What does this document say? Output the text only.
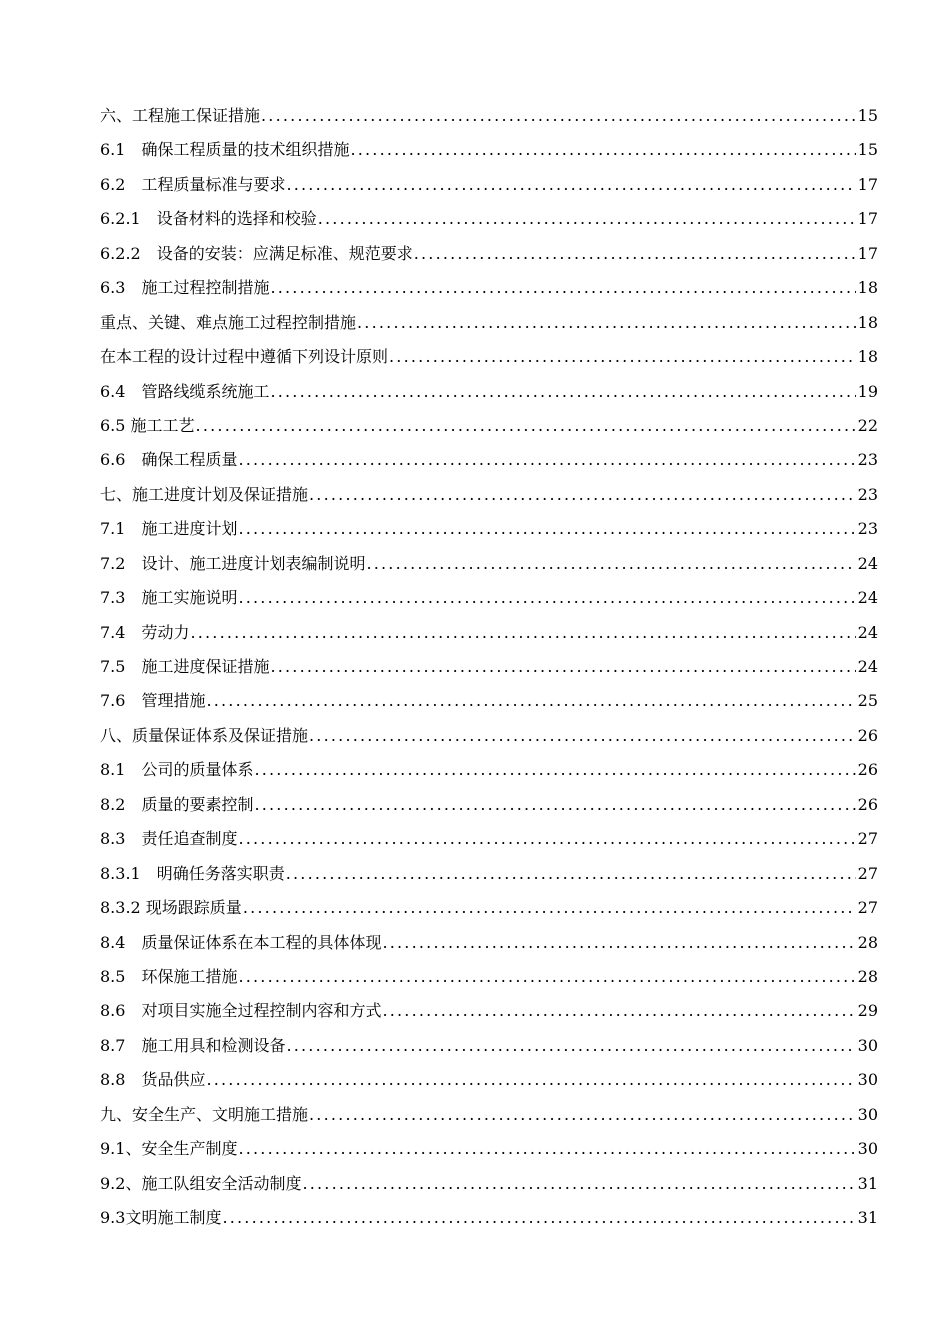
六、工程施工保证措施 .....	15
6.1　确保工程质量的技术组织措施 .....	15
6.2　工程质量标准与要求 .....	17
6.2.1　设备材料的选择和校验 .....	17
6.2.2　设备的安装：应满足标准、规范要求 .....	17
6.3　施工过程控制措施 .....	18
重点、关键、难点施工过程控制措施 .....	18
在本工程的设计过程中遵循下列设计原则 .....	18
6.4　管路线缆系统施工 .....	19
6.5 施工工艺 .....	22
6.6　确保工程质量 .....	23
七、施工进度计划及保证措施 .....	23
7.1　施工进度计划 .....	23
7.2　设计、施工进度计划表编制说明 .....	24
7.3　施工实施说明 .....	24
7.4　劳动力 .....	24
7.5　施工进度保证措施 .....	24
7.6　管理措施 .....	25
八、质量保证体系及保证措施 .....	26
8.1　公司的质量体系 .....	26
8.2　质量的要素控制 .....	26
8.3　责任追查制度 .....	27
8.3.1　明确任务落实职责 .....	27
8.3.2 现场跟踪质量 .....	27
8.4　质量保证体系在本工程的具体体现 .....	28
8.5　环保施工措施 .....	28
8.6　对项目实施全过程控制内容和方式 .....	29
8.7　施工用具和检测设备 .....	30
8.8　货品供应 .....	30
九、安全生产、文明施工措施 .....	30
9.1、安全生产制度 .....	30
9.2、施工队组安全活动制度 .....	31
9.3文明施工制度 .....	31
